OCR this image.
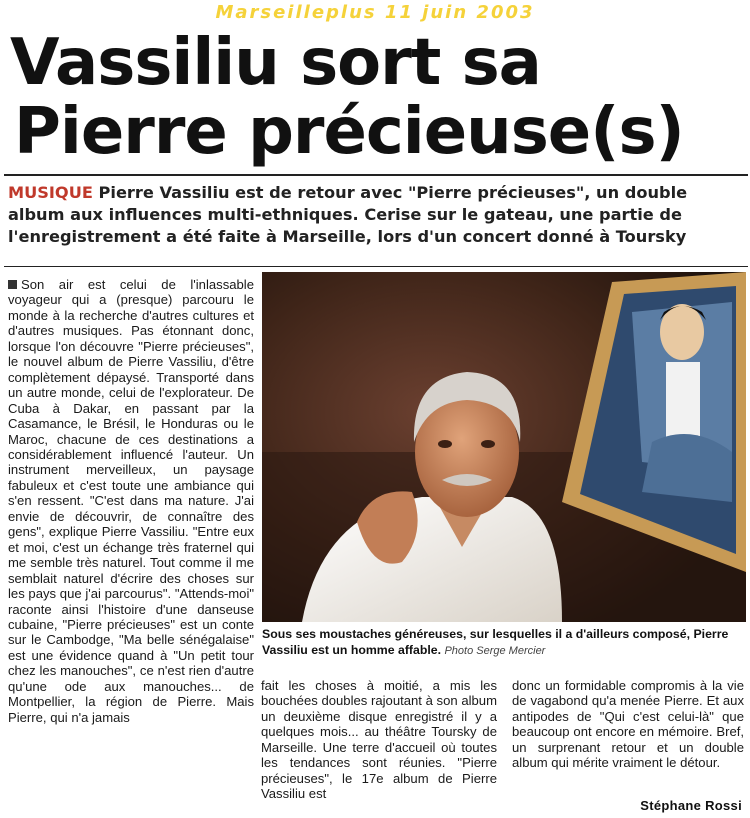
Marseilleplus 11 juin 2003
Vassiliu sort sa
Pierre précieuse(s)
MUSIQUE Pierre Vassiliu est de retour avec "Pierre précieuses", un double album aux influences multi-ethniques. Cerise sur le gateau, une partie de l'enregistrement a été faite à Marseille, lors d'un concert donné à Toursky

Son air est celui de l'inlassable voyageur qui a (presque) parcouru le monde à la recherche d'autres cultures et d'autres musiques. Pas étonnant donc, lorsque l'on découvre "Pierre précieuses", le nouvel album de Pierre Vassiliu, d'être complètement dépaysé. Transporté dans un autre monde, celui de l'explorateur. De Cuba à Dakar, en passant par la Casamance, le Brésil, le Honduras ou le Maroc, chacune de ces destinations a considérablement influencé l'auteur. Un instrument merveilleux, un paysage fabuleux et c'est toute une ambiance qui s'en ressent. "C'est dans ma nature. J'ai envie de découvrir, de connaître des gens", explique Pierre Vassiliu. "Entre eux et moi, c'est un échange très fraternel qui me semble très naturel. Tout comme il me semblait naturel d'écrire des choses sur les pays que j'ai parcourus". "Attends-moi" raconte ainsi l'histoire d'une danseuse cubaine, "Pierre précieuses" est un conte sur le Cambodge, "Ma belle sénégalaise" est une évidence quand à "Un petit tour chez les manouches", ce n'est rien d'autre qu'une ode aux manouches... de Montpellier, la région de Pierre. Mais Pierre, qui n'a jamais

Sous ses moustaches généreuses, sur lesquelles il a d'ailleurs composé, Pierre Vassiliu est un homme affable. Photo Serge Mercier

fait les choses à moitié, a mis les bouchées doubles rajoutant à son album un deuxième disque enregistré il y a quelques mois... au théâtre Toursky de Marseille. Une terre d'accueil où toutes les tendances sont réunies. "Pierre précieuses", le 17e album de Pierre Vassiliu est

donc un formidable compromis à la vie de vagabond qu'a menée Pierre. Et aux antipodes de "Qui c'est celui-là" que beaucoup ont encore en mémoire. Bref, un surprenant retour et un double album qui mérite vraiment le détour.

Stéphane Rossi
